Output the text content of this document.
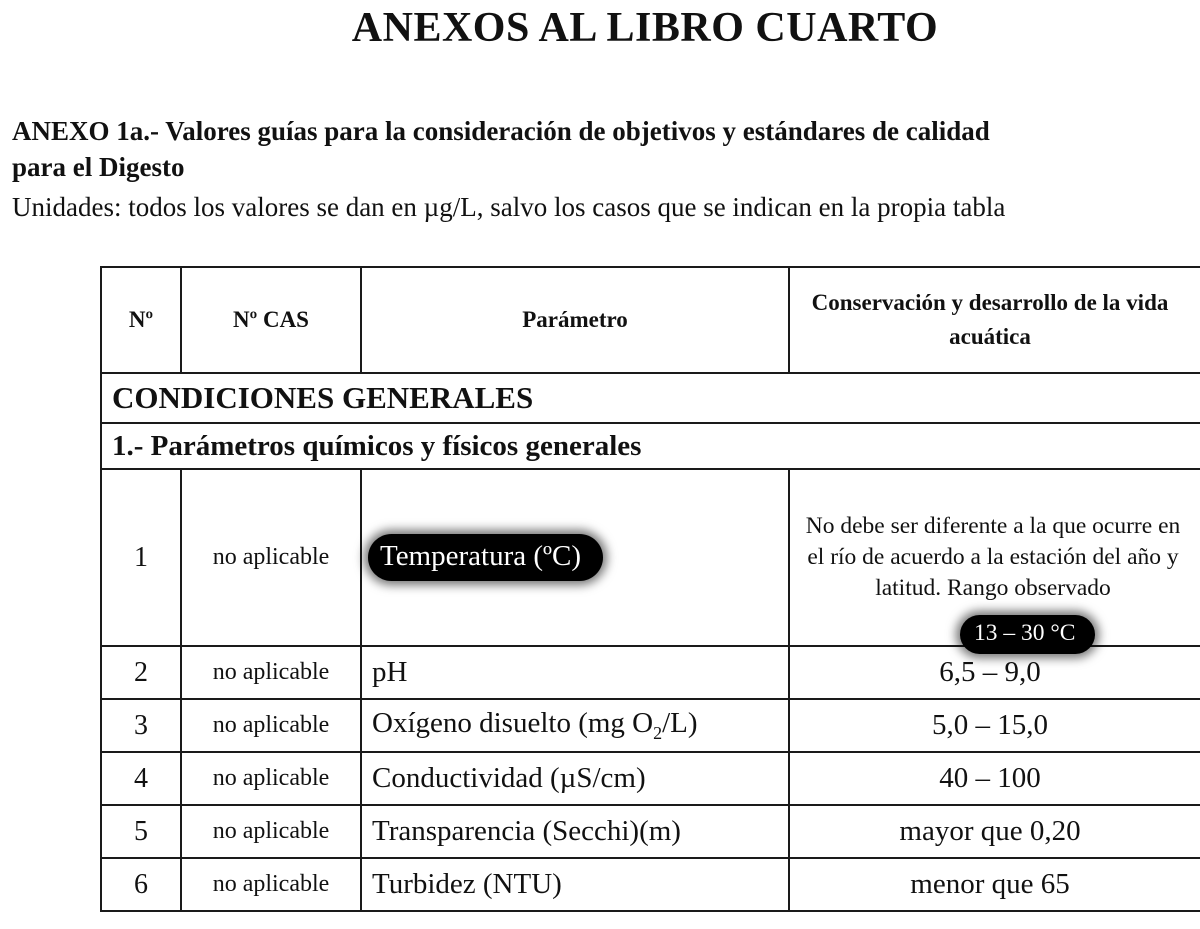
ANEXOS AL LIBRO CUARTO
ANEXO 1a.- Valores guías para la consideración de objetivos y estándares de calidad
para el Digesto
Unidades: todos los valores se dan en µg/L, salvo los casos que se indican en la propia tabla
Nº	Nº CAS	Parámetro	Conservación y desarrollo de la vida acuática
CONDICIONES GENERALES			
1.- Parámetros químicos y físicos generales			
1	no aplicable	Temperatura (ºC)	No debe ser diferente a la que ocurre en el río de acuerdo a la estación del año y latitud. Rango observado
13 – 30 °C

2	no aplicable	pH	6,5 – 9,0
3	no aplicable	Oxígeno disuelto (mg $O_2/L$)	5,0 – 15,0
4	no aplicable	Conductividad (µS/cm)	40 – 100
5	no aplicable	Transparencia (Secchi)(m)	mayor que 0,20
6	no aplicable	Turbidez (NTU)	menor que 65
